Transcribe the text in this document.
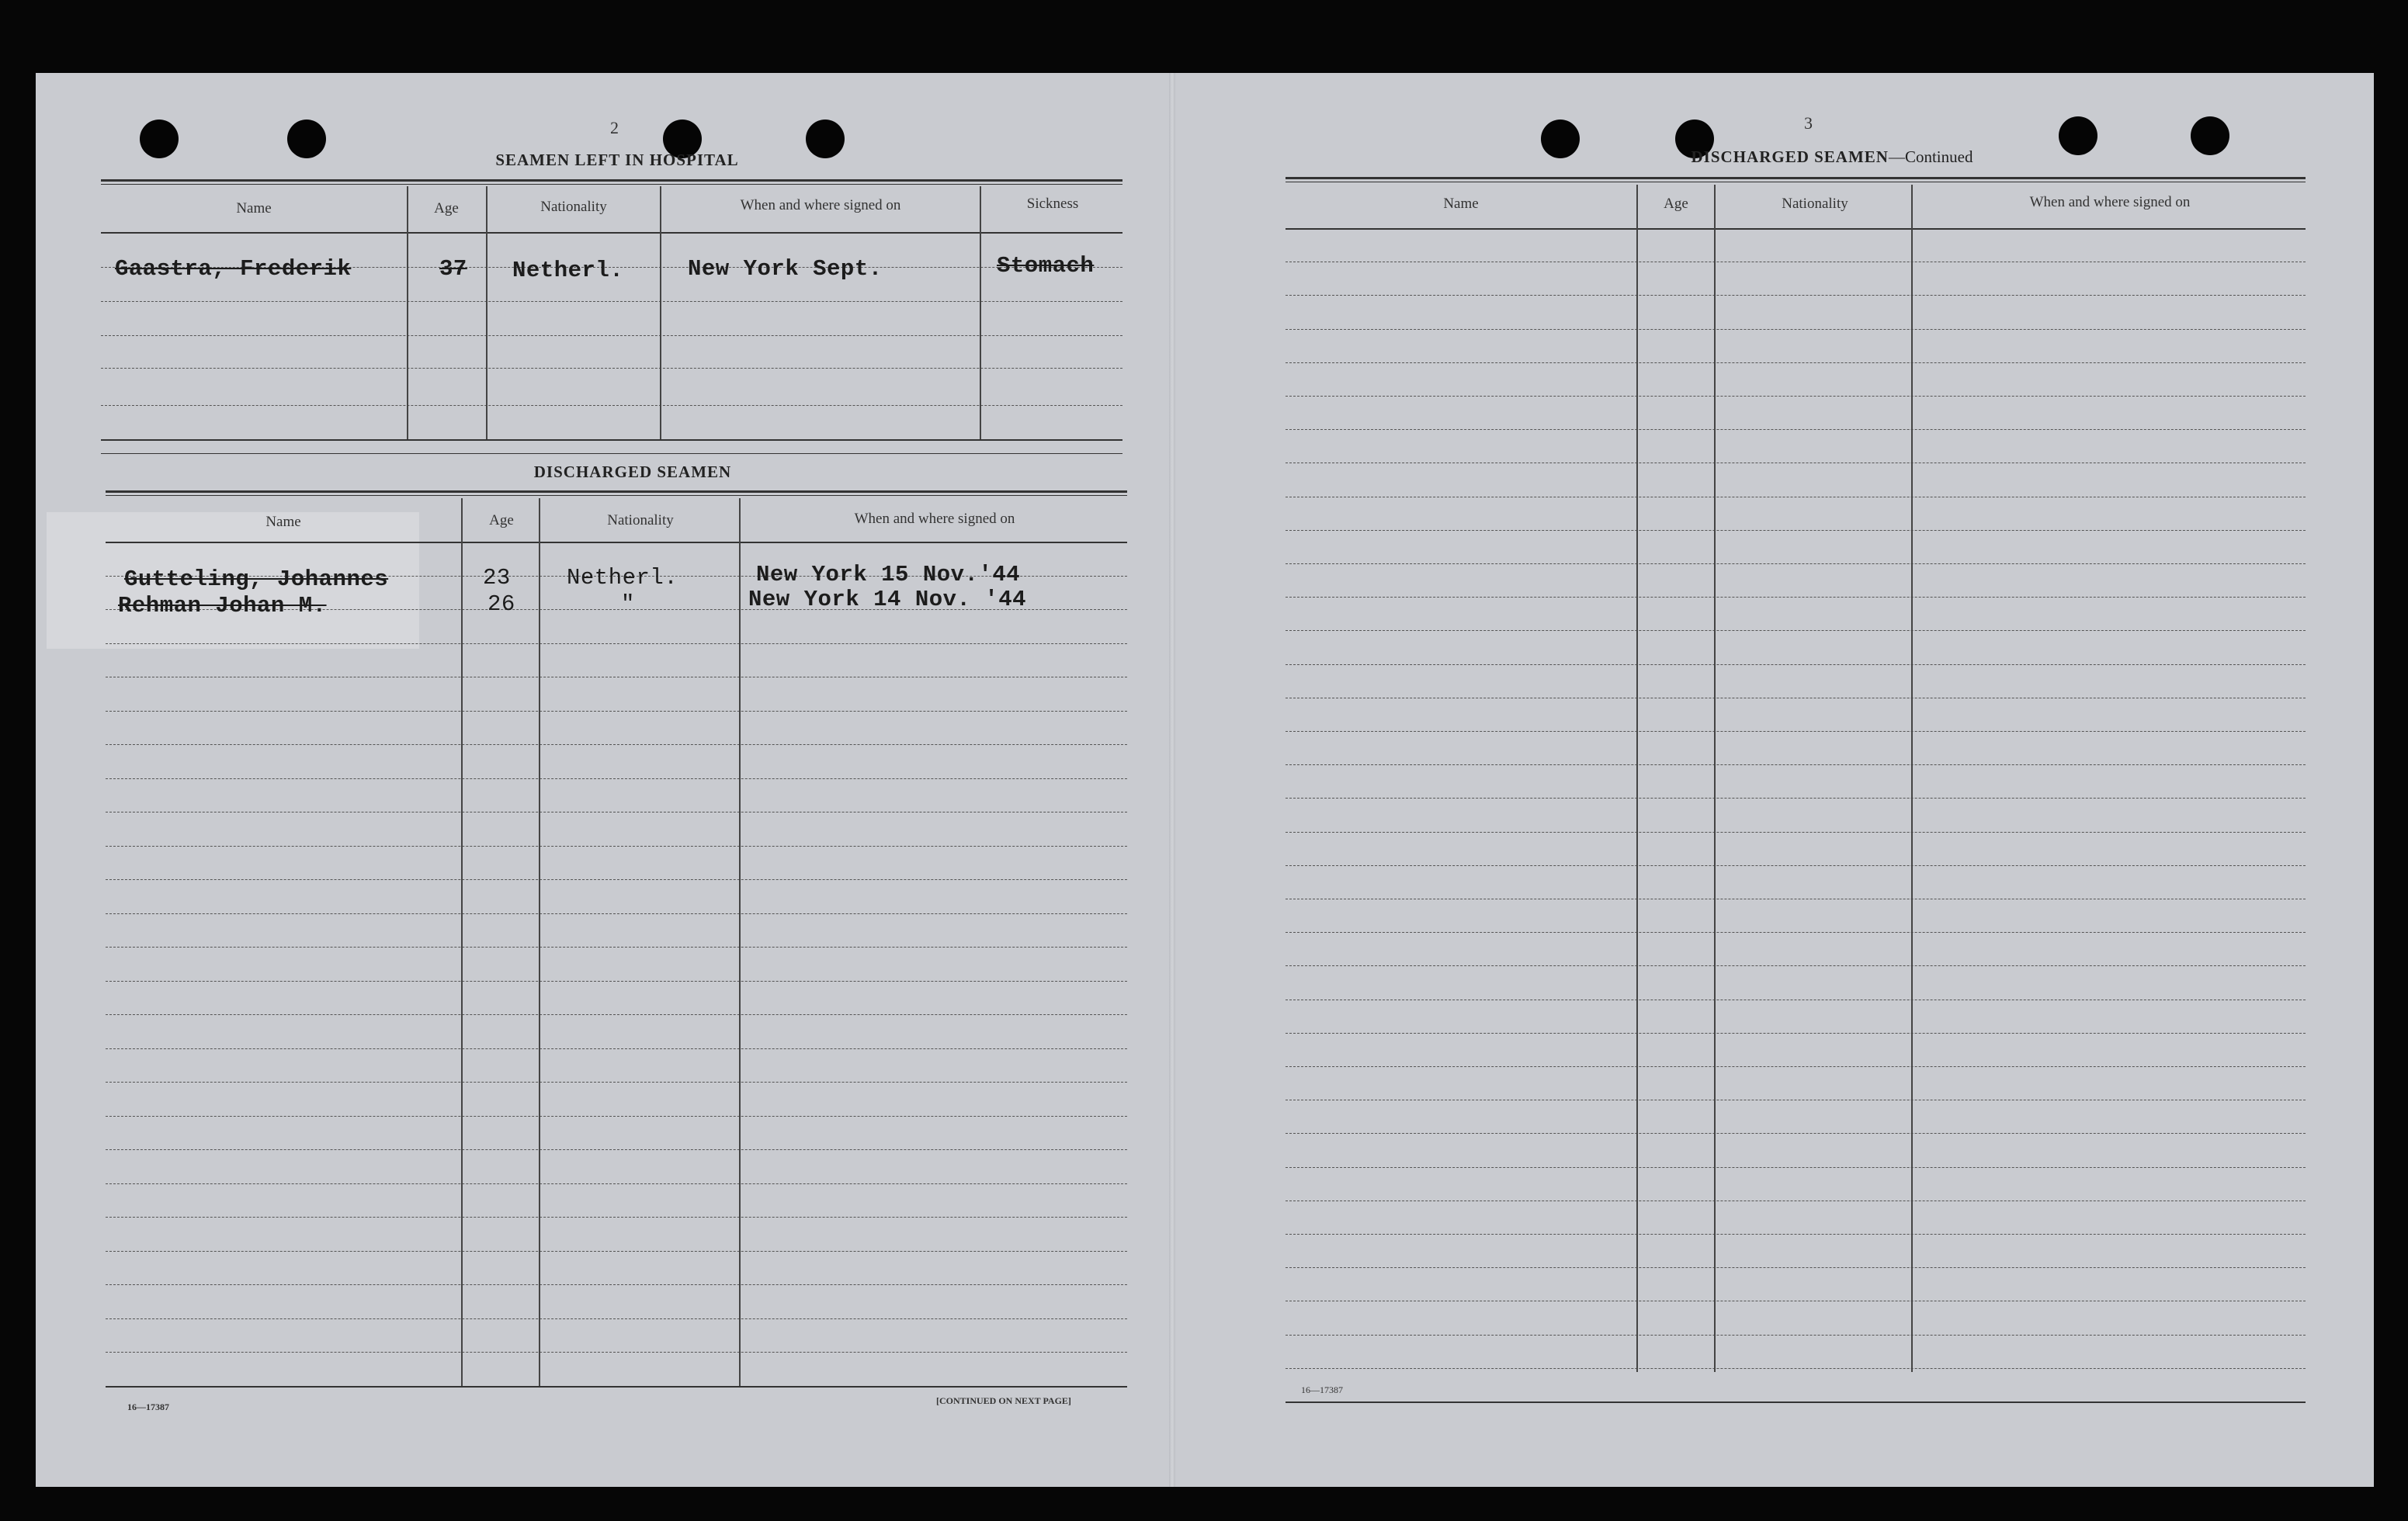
2
SEAMEN LEFT IN HOSPITAL
Name	Age	Nationality	When and where signed on	Sickness
Gaastra, Frederik	37 Netherl.	New York Sept.	Stomach
DISCHARGED SEAMEN
Name	Age	Nationality	When and where signed on
Gutteling, Johannes	23 Netherl.	New York 15 Nov.'44
Rehman Johan M.	26	"	New York 14 Nov. '44
16—17387
[CONTINUED ON NEXT PAGE]
3
DISCHARGED SEAMEN—Continued
Name	Age	Nationality	When and where signed on
16—17387
